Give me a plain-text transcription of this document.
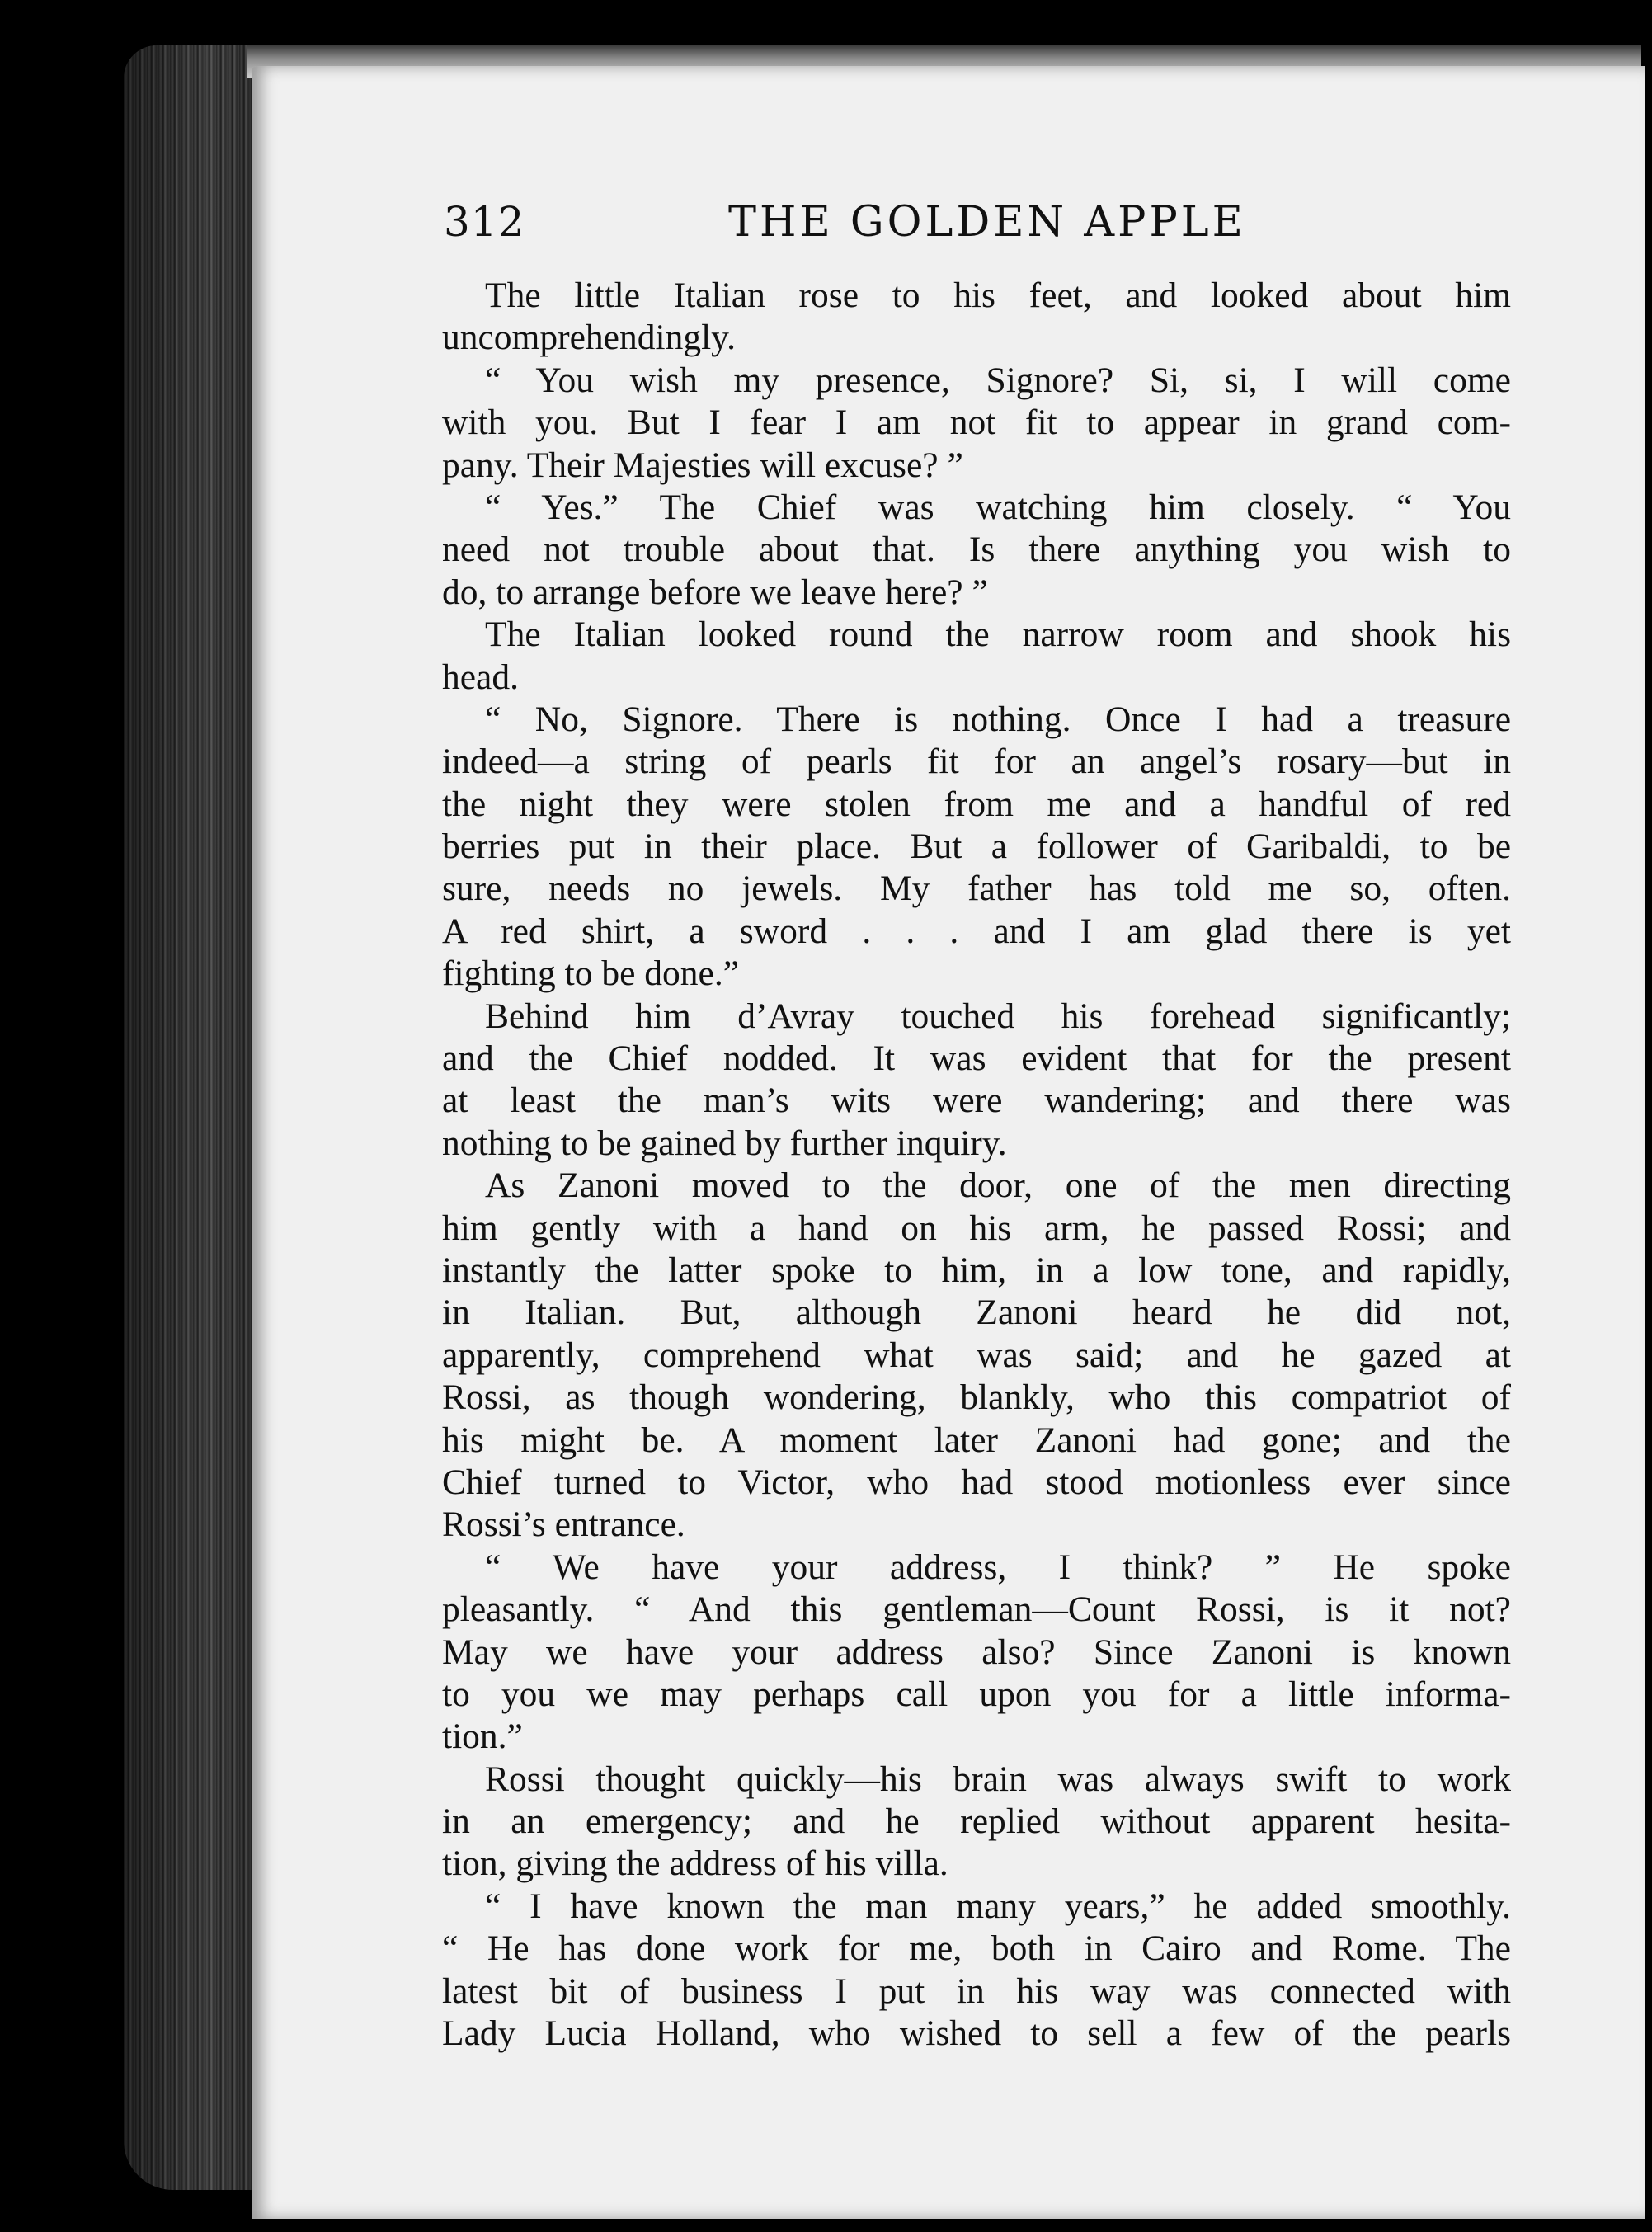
312	THE GOLDEN APPLE
The little Italian rose to his feet, and looked about him
uncomprehendingly.
“ You wish my presence, Signore? Si, si, I will come
with you. But I fear I am not fit to appear in grand com-
pany. Their Majesties will excuse? ”
“ Yes.” The Chief was watching him closely. “ You
need not trouble about that. Is there anything you wish to
do, to arrange before we leave here? ”
The Italian looked round the narrow room and shook his
head.
“ No, Signore. There is nothing. Once I had a treasure
indeed—a string of pearls fit for an angel’s rosary—but in
the night they were stolen from me and a handful of red
berries put in their place. But a follower of Garibaldi, to be
sure, needs no jewels. My father has told me so, often.
A red shirt, a sword . . . and I am glad there is yet
fighting to be done.”
Behind him d’Avray touched his forehead significantly;
and the Chief nodded. It was evident that for the present
at least the man’s wits were wandering; and there was
nothing to be gained by further inquiry.
As Zanoni moved to the door, one of the men directing
him gently with a hand on his arm, he passed Rossi; and
instantly the latter spoke to him, in a low tone, and rapidly,
in Italian. But, although Zanoni heard he did not,
apparently, comprehend what was said; and he gazed at
Rossi, as though wondering, blankly, who this compatriot of
his might be. A moment later Zanoni had gone; and the
Chief turned to Victor, who had stood motionless ever since
Rossi’s entrance.
“ We have your address, I think? ” He spoke
pleasantly. “ And this gentleman—Count Rossi, is it not?
May we have your address also? Since Zanoni is known
to you we may perhaps call upon you for a little informa-
tion.”
Rossi thought quickly—his brain was always swift to work
in an emergency; and he replied without apparent hesita-
tion, giving the address of his villa.
“ I have known the man many years,” he added smoothly.
“ He has done work for me, both in Cairo and Rome. The
latest bit of business I put in his way was connected with
Lady Lucia Holland, who wished to sell a few of the pearls
